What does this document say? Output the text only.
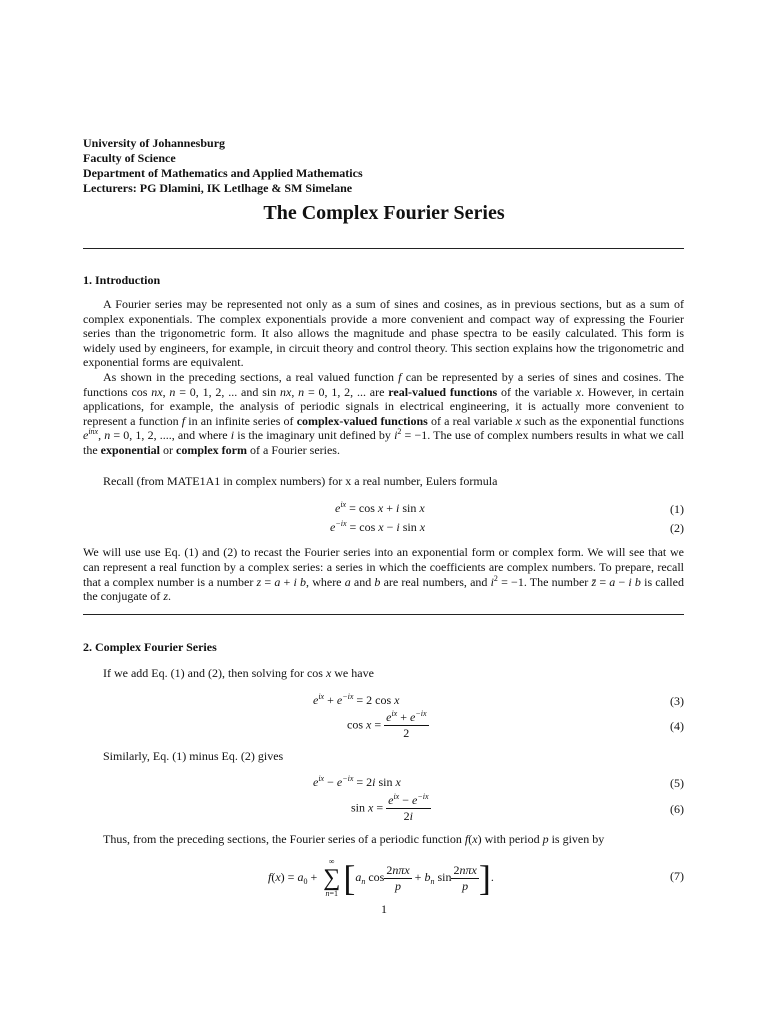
University of Johannesburg
Faculty of Science
Department of Mathematics and Applied Mathematics
Lecturers: PG Dlamini, IK Letlhage & SM Simelane
The Complex Fourier Series
1. Introduction

A Fourier series may be represented not only as a sum of sines and cosines, as in previous sections, but as a sum of complex exponentials. The complex exponentials provide a more convenient and compact way of expressing the Fourier series than the trigonometric form. It also allows the magnitude and phase spectra to be easily calculated. This form is widely used by engineers, for example, in circuit theory and control theory. This section explains how the trigonometric and exponential forms are equivalent.

As shown in the preceding sections, a real valued function f can be represented by a series of sines and cosines. The functions cos nx, n = 0, 1, 2, ... and sin nx, n = 0, 1, 2, ... are real-valued functions of the variable x. However, in certain applications, for example, the analysis of periodic signals in electrical engineering, it is actually more convenient to represent a function f in an infinite series of complex-valued functions of a real variable x such as the exponential functions $e^{inx}$, n = 0, 1, 2, ...., and where i is the imaginary unit defined by $i^2 = -1$. The use of complex numbers results in what we call the exponential or complex form of a Fourier series.

Recall (from MATE1A1 in complex numbers) for x a real number, Eulers formula
$e^{ix} = \cos x + i$ sin x	(1)
$e^{-ix} = \cos x - i$ sin x	(2)

We will use use Eq. (1) and (2) to recast the Fourier series into an exponential form or complex form. We will see that we can represent a real function by a complex series: a series in which the coefficients are complex numbers. To prepare, recall that a complex number is a number z = a + i b, where a and b are real numbers, and $i^2 = -1$. The number z̄ = a − i b is called the conjugate of z.

2. Complex Fourier Series
If we add Eq. (1) and (2), then solving for cos x we have
$e^{ix} + e^{-ix} = 2$ cos x	(3)
$\cos x = \frac{e^{ix} + e^{-ix}}{2}$	(4)
Similarly, Eq. (1) minus Eq. (2) gives
$e^{ix} - e^{-ix} = 2i$ sin x	(5)
$\sin x = \frac{e^{ix} - e^{-ix}}{2i}$	(6)
Thus, from the preceding sections, the Fourier series of a periodic function f(x) with period p is given by
$f(x) = a_0$ +
∞
∑
n=1 [$a_n$ $\cos \frac{\text{2nπx}}{p} + b_n$ $\sin \frac{\text{2nπx}}{p}$ ].	(7)
1
